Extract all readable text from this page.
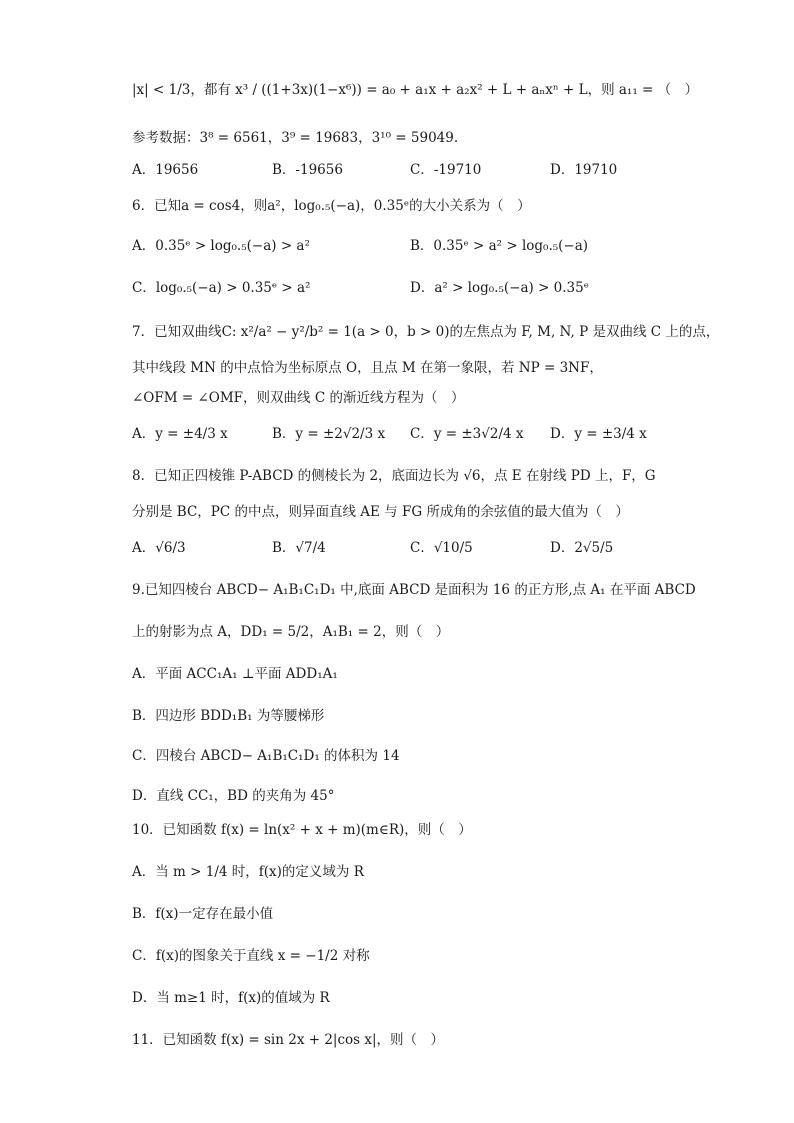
|x| < 1/3，都有 x³ / ((1+3x)(1−x⁶)) = a₀ + a₁x + a₂x² + L + aₙxⁿ + L，则 a₁₁ = （　）
参考数据：3⁸ = 6561，3⁹ = 19683，3¹⁰ = 59049.
A．19656	B．-19656	C．-19710	D．19710
6．已知a = cos4，则a²，log₀.₅(−a)，0.35ᵉ的大小关系为（　）
A．0.35ᵉ > log₀.₅(−a) > a²	B．0.35ᵉ > a² > log₀.₅(−a)
C．log₀.₅(−a) > 0.35ᵉ > a²	D．a² > log₀.₅(−a) > 0.35ᵉ
7．已知双曲线C: x²/a² − y²/b² = 1(a > 0，b > 0)的左焦点为 F, M, N, P 是双曲线 C 上的点，
其中线段 MN 的中点恰为坐标原点 O，且点 M 在第一象限，若 NP = 3NF，
∠OFM = ∠OMF，则双曲线 C 的渐近线方程为（　）
A．y = ±4/3 x	B．y = ±2√2/3 x C．y = ±3√2/4 x D．y = ±3/4 x
8．已知正四棱锥 P-ABCD 的侧棱长为 2，底面边长为 √6，点 E 在射线 PD 上，F，G
分别是 BC，PC 的中点，则异面直线 AE 与 FG 所成角的余弦值的最大值为（　）
A．√6/3	B．√7/4	C．√10/5	D．2√5/5
9.已知四棱台 ABCD− A₁B₁C₁D₁ 中,底面 ABCD 是面积为 16 的正方形,点 A₁ 在平面 ABCD
上的射影为点 A，DD₁ = 5/2，A₁B₁ = 2，则（　）
A．平面 ACC₁A₁ ⊥平面 ADD₁A₁
B．四边形 BDD₁B₁ 为等腰梯形
C．四棱台 ABCD− A₁B₁C₁D₁ 的体积为 14
D．直线 CC₁，BD 的夹角为 45°
10．已知函数 f(x) = ln(x² + x + m)(m∈R)，则（　）
A．当 m > 1/4 时，f(x)的定义域为 R
B．f(x)一定存在最小值
C．f(x)的图象关于直线 x = −1/2 对称
D．当 m≥1 时，f(x)的值域为 R
11．已知函数 f(x) = sin 2x + 2|cos x|，则（　）
